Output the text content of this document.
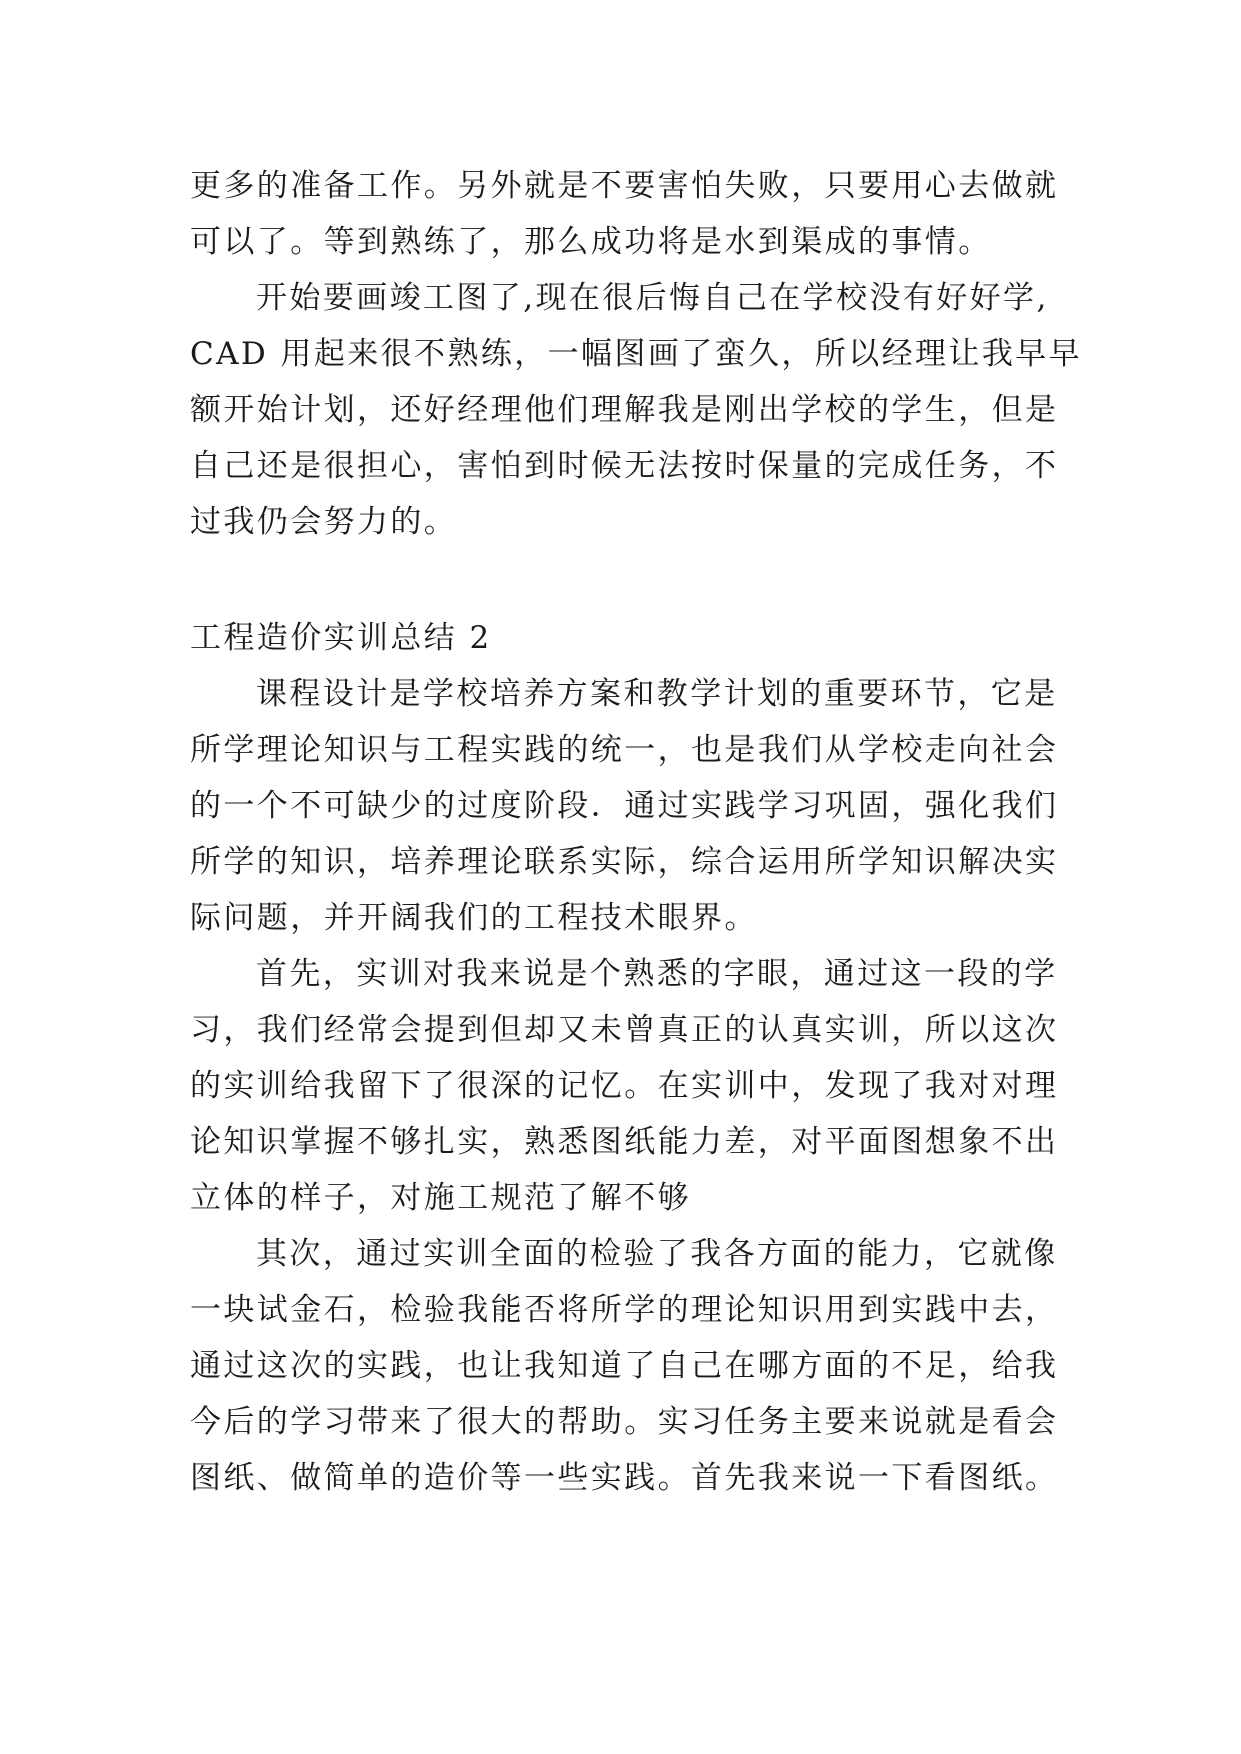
更多的准备工作。另外就是不要害怕失败，只要用心去做就
可以了。等到熟练了，那么成功将是水到渠成的事情。
开始要画竣工图了,现在很后悔自己在学校没有好好学,
CAD 用起来很不熟练，一幅图画了蛮久，所以经理让我早早
额开始计划，还好经理他们理解我是刚出学校的学生，但是
自己还是很担心，害怕到时候无法按时保量的完成任务，不
过我仍会努力的。
工程造价实训总结 2
课程设计是学校培养方案和教学计划的重要环节，它是
所学理论知识与工程实践的统一，也是我们从学校走向社会
的一个不可缺少的过度阶段．通过实践学习巩固，强化我们
所学的知识，培养理论联系实际，综合运用所学知识解决实
际问题，并开阔我们的工程技术眼界。
首先，实训对我来说是个熟悉的字眼，通过这一段的学
习，我们经常会提到但却又未曾真正的认真实训，所以这次
的实训给我留下了很深的记忆。在实训中，发现了我对对理
论知识掌握不够扎实，熟悉图纸能力差，对平面图想象不出
立体的样子，对施工规范了解不够
其次，通过实训全面的检验了我各方面的能力，它就像
一块试金石，检验我能否将所学的理论知识用到实践中去，
通过这次的实践，也让我知道了自己在哪方面的不足，给我
今后的学习带来了很大的帮助。实习任务主要来说就是看会
图纸、做简单的造价等一些实践。首先我来说一下看图纸。
